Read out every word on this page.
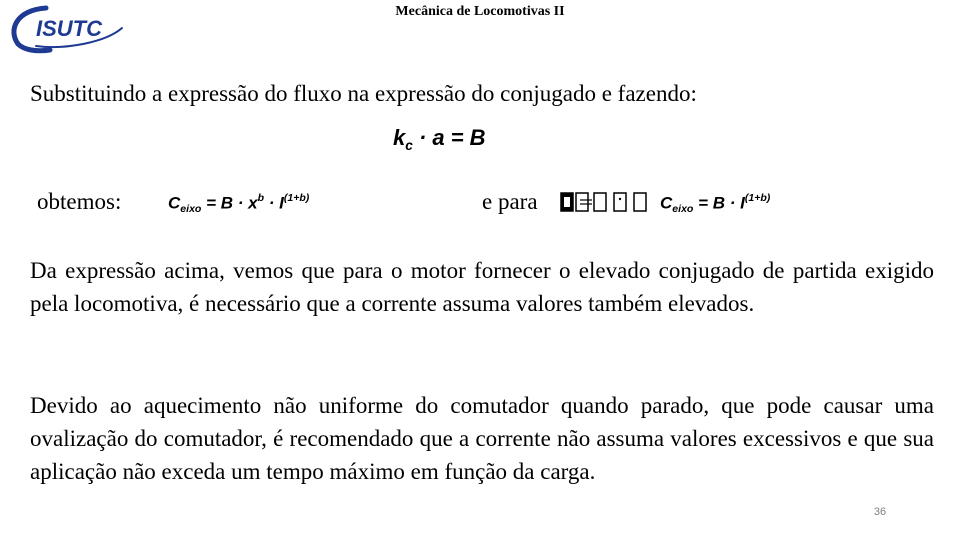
ISUTC
Mecânica de Locomotivas II
Substituindo a expressão do fluxo na expressão do conjugado e fazendo:
$k_c \cdot a = B$
obtemos:	$C_{eixo} = B \cdot x^b \cdot I^{(1+b)}$	e para	$C_{eixo} = B \cdot I^{(1+b)}$
Da expressão acima, vemos que para o motor fornecer o elevado conjugado de partida exigido pela locomotiva, é necessário que a corrente assuma valores também elevados.
Devido ao aquecimento não uniforme do comutador quando parado, que pode causar uma ovalização do comutador, é recomendado que a corrente não assuma valores excessivos e que sua aplicação não exceda um tempo máximo em função da carga.
36
